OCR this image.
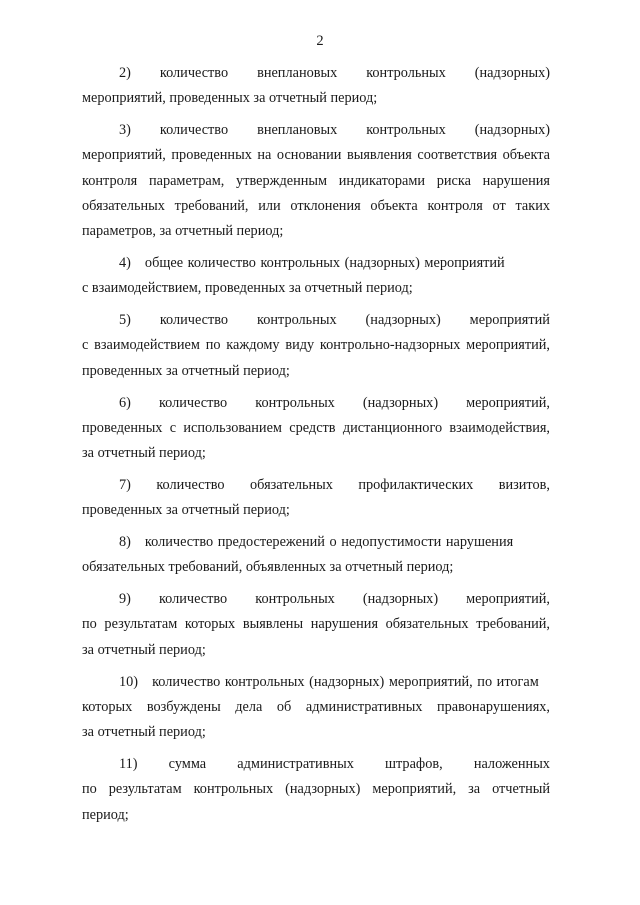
2
2) количество внеплановых контрольных (надзорных)
мероприятий, проведенных за отчетный период;
3) количество внеплановых контрольных (надзорных)
мероприятий, проведенных на основании выявления соответствия объекта
контроля параметрам, утвержденным индикаторами риска нарушения
обязательных требований, или отклонения объекта контроля от таких
параметров, за отчетный период;
4) общее количество контрольных (надзорных) мероприятий
с взаимодействием, проведенных за отчетный период;
5) количество контрольных (надзорных) мероприятий
с взаимодействием по каждому виду контрольно-надзорных мероприятий,
проведенных за отчетный период;
6) количество контрольных (надзорных) мероприятий,
проведенных с использованием средств дистанционного взаимодействия,
за отчетный период;
7) количество обязательных профилактических визитов,
проведенных за отчетный период;
8) количество предостережений о недопустимости нарушения
обязательных требований, объявленных за отчетный период;
9) количество контрольных (надзорных) мероприятий,
по результатам которых выявлены нарушения обязательных требований,
за отчетный период;
10) количество контрольных (надзорных) мероприятий, по итогам
которых возбуждены дела об административных правонарушениях,
за отчетный период;
11) сумма административных штрафов, наложенных
по результатам контрольных (надзорных) мероприятий, за отчетный
период;
